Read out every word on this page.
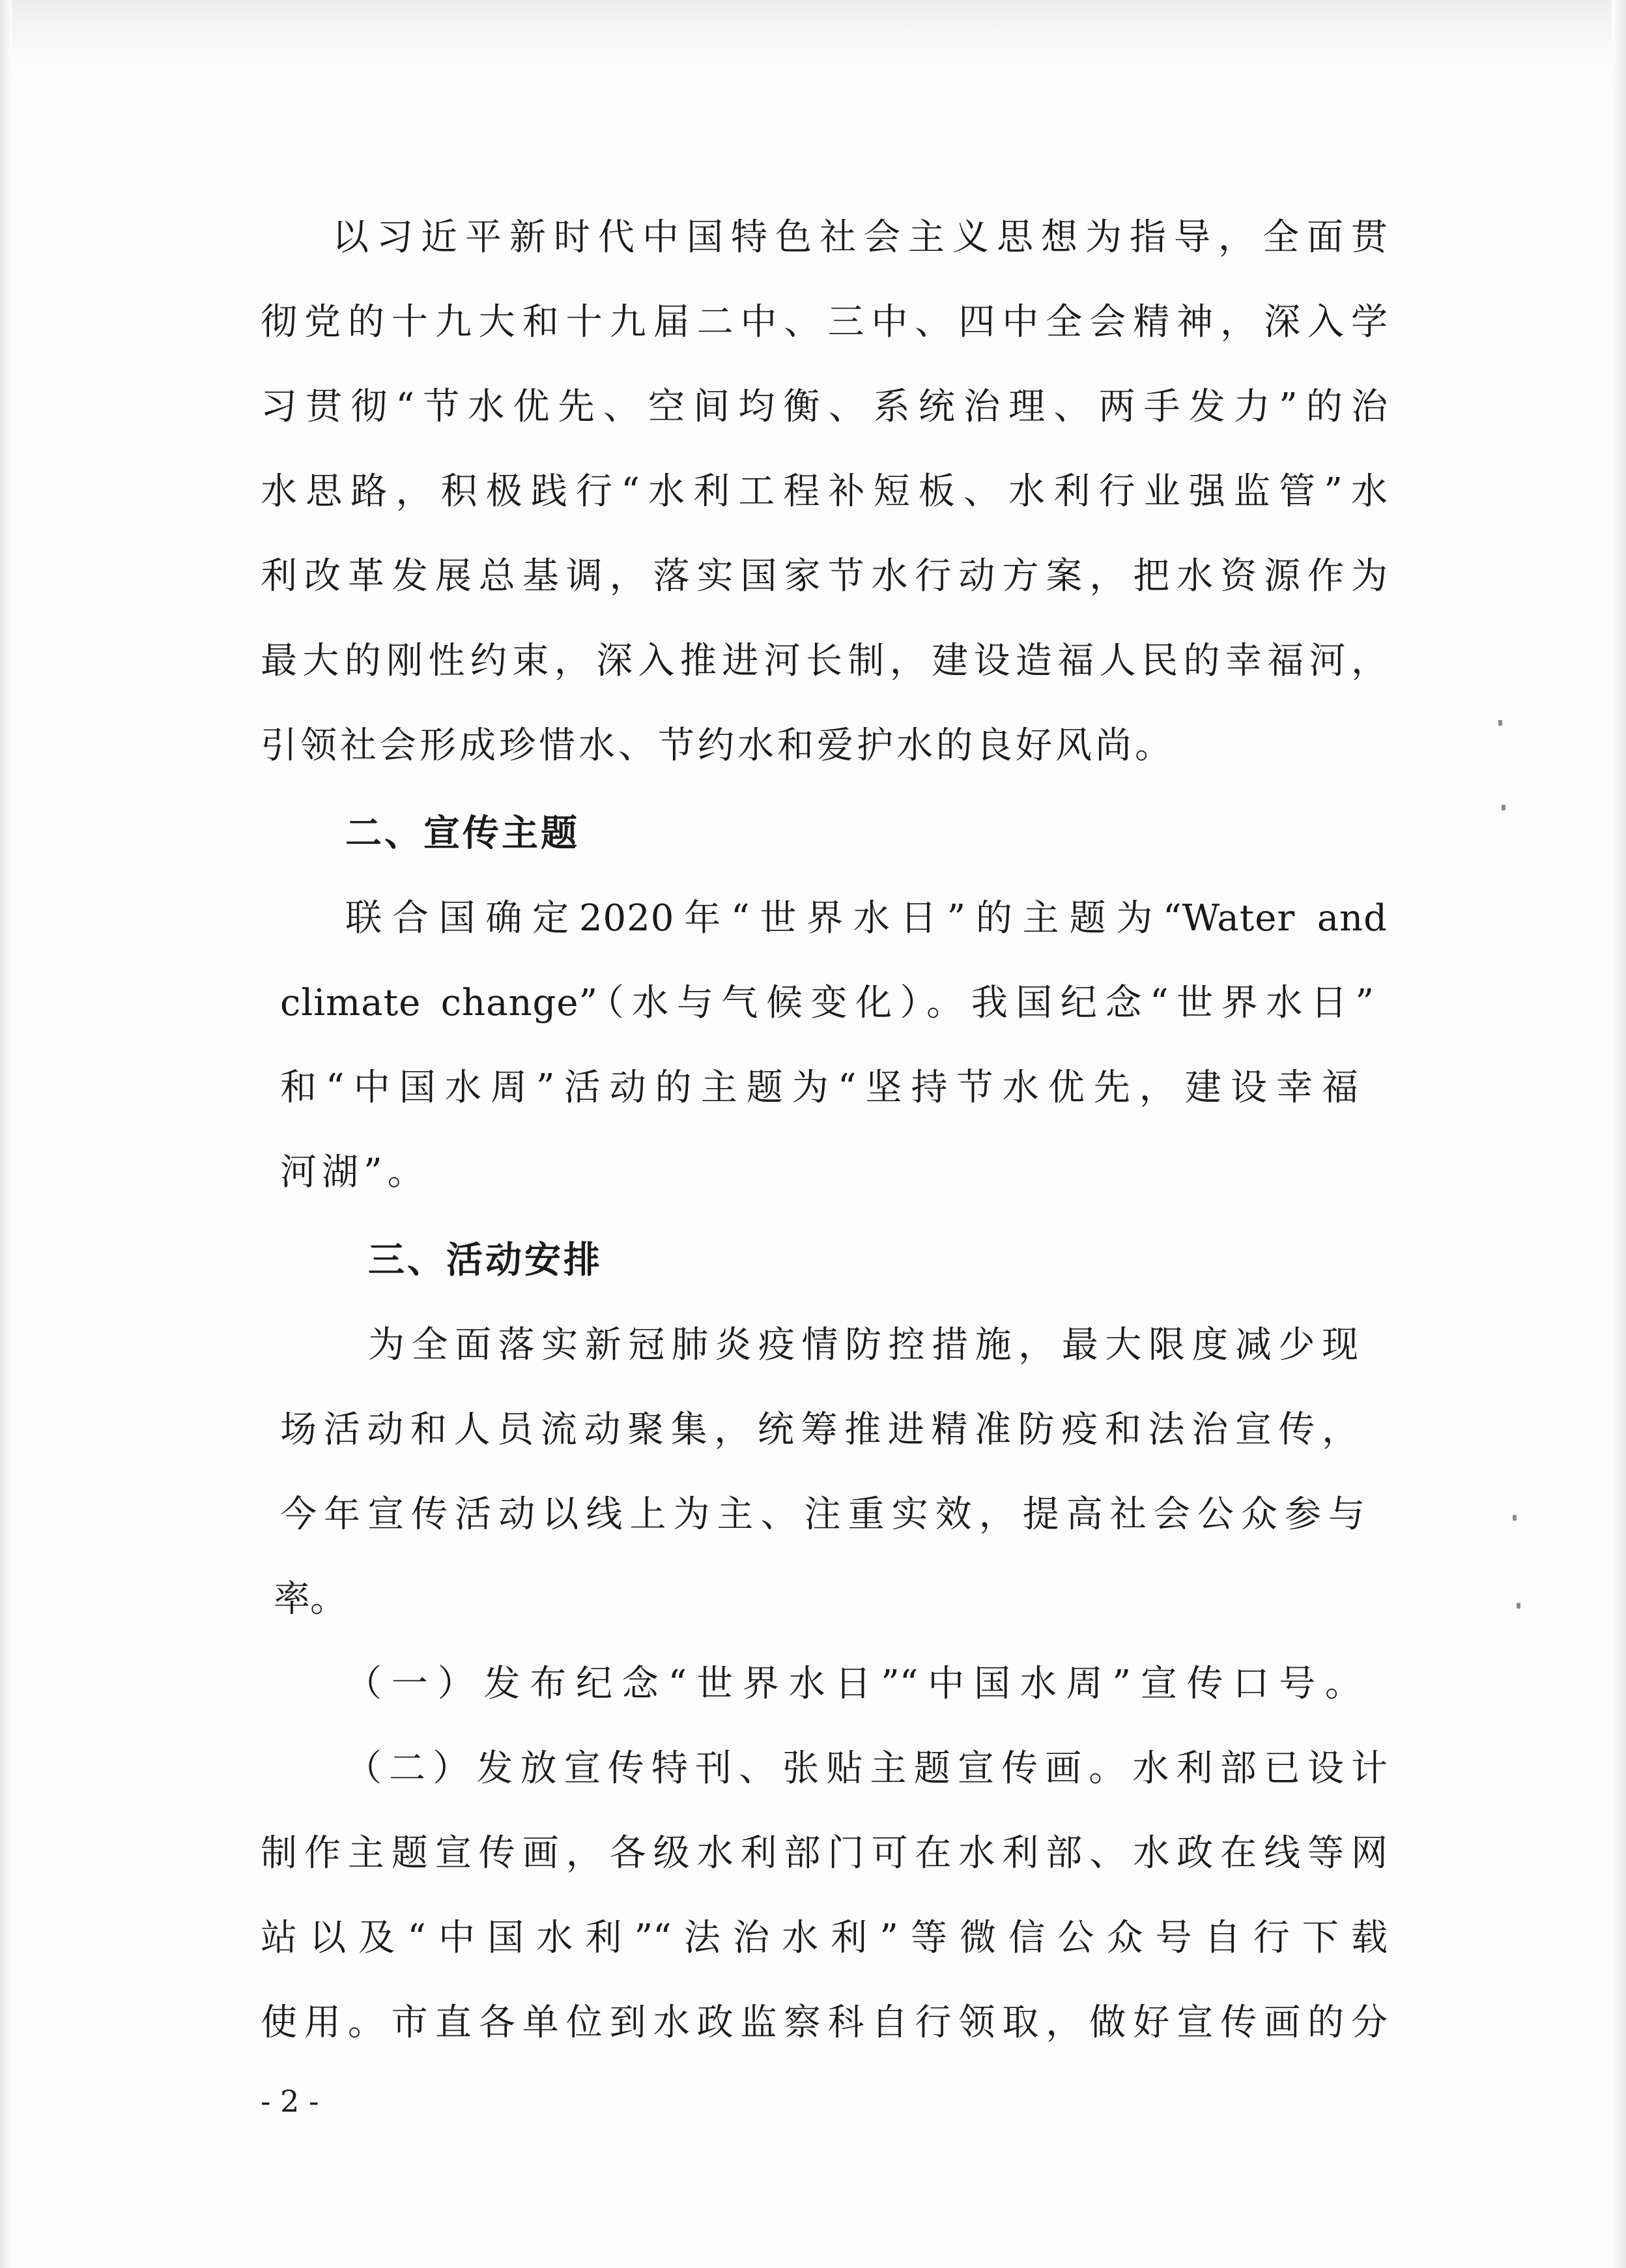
以习近平新时代中国特色社会主义思想为指导，全面贯
彻党的十九大和十九届二中、三中、四中全会精神，深入学
习贯彻“节水优先、空间均衡、系统治理、两手发力”的治
水思路，积极践行“水利工程补短板、水利行业强监管”水
利改革发展总基调，落实国家节水行动方案，把水资源作为
最大的刚性约束，深入推进河长制，建设造福人民的幸福河，
引领社会形成珍惜水、节约水和爱护水的良好风尚。
二、宣传主题
联合国确定2020年“世界水日”的主题为“Water and
climate change”（水与气候变化）。我国纪念“世界水日”
和“中国水周”活动的主题为“坚持节水优先，建设幸福
河湖”。
三、活动安排
为全面落实新冠肺炎疫情防控措施，最大限度减少现
场活动和人员流动聚集，统筹推进精准防疫和法治宣传，
今年宣传活动以线上为主、注重实效，提高社会公众参与
率。
（一）发布纪念“世界水日”“中国水周”宣传口号。
（二）发放宣传特刊、张贴主题宣传画。水利部已设计
制作主题宣传画，各级水利部门可在水利部、水政在线等网
站以及“中国水利”“法治水利”等微信公众号自行下载
使用。市直各单位到水政监察科自行领取，做好宣传画的分
- 2 -
